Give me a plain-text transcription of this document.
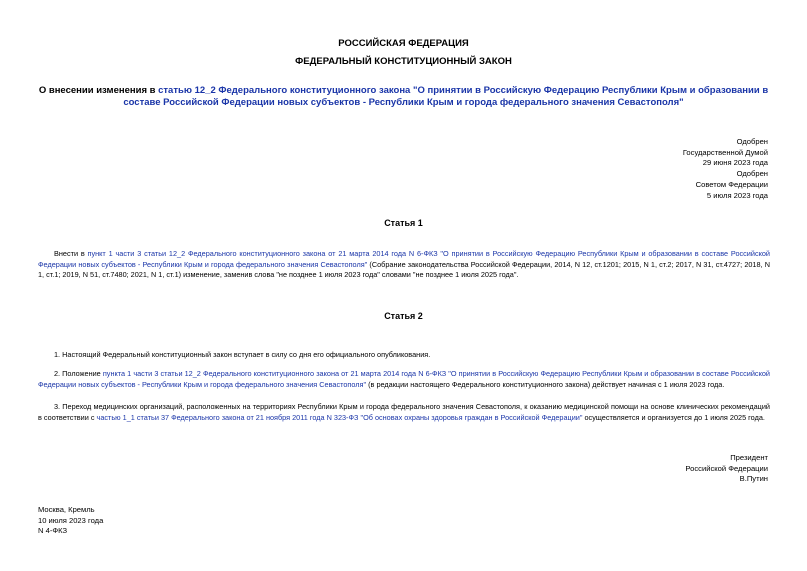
РОССИЙСКАЯ ФЕДЕРАЦИЯ
ФЕДЕРАЛЬНЫЙ КОНСТИТУЦИОННЫЙ ЗАКОН
О внесении изменения в статью 12_2 Федерального конституционного закона "О принятии в Российскую Федерацию Республики Крым и образовании в составе Российской Федерации новых субъектов - Республики Крым и города федерального значения Севастополя"
Одобрен
Государственной Думой
29 июня 2023 года
Одобрен
Советом Федерации
5 июля 2023 года
Статья 1
Внести в пункт 1 части 3 статьи 12_2 Федерального конституционного закона от 21 марта 2014 года N 6-ФКЗ "О принятии в Российскую Федерацию Республики Крым и образовании в составе Российской Федерации новых субъектов - Республики Крым и города федерального значения Севастополя" (Собрание законодательства Российской Федерации, 2014, N 12, ст.1201; 2015, N 1, ст.2; 2017, N 31, ст.4727; 2018, N 1, ст.1; 2019, N 51, ст.7480; 2021, N 1, ст.1) изменение, заменив слова "не позднее 1 июля 2023 года" словами "не позднее 1 июля 2025 года".
Статья 2
1. Настоящий Федеральный конституционный закон вступает в силу со дня его официального опубликования.
2. Положение пункта 1 части 3 статьи 12_2 Федерального конституционного закона от 21 марта 2014 года N 6-ФКЗ "О принятии в Российскую Федерацию Республики Крым и образовании в составе Российской Федерации новых субъектов - Республики Крым и города федерального значения Севастополя" (в редакции настоящего Федерального конституционного закона) действует начиная с 1 июля 2023 года.
3. Переход медицинских организаций, расположенных на территориях Республики Крым и города федерального значения Севастополя, к оказанию медицинской помощи на основе клинических рекомендаций в соответствии с частью 1_1 статьи 37 Федерального закона от 21 ноября 2011 года N 323-ФЗ "Об основах охраны здоровья граждан в Российской Федерации" осуществляется и организуется до 1 июля 2025 года.
Президент
Российской Федерации
В.Путин
Москва, Кремль
10 июля 2023 года
N 4-ФКЗ
